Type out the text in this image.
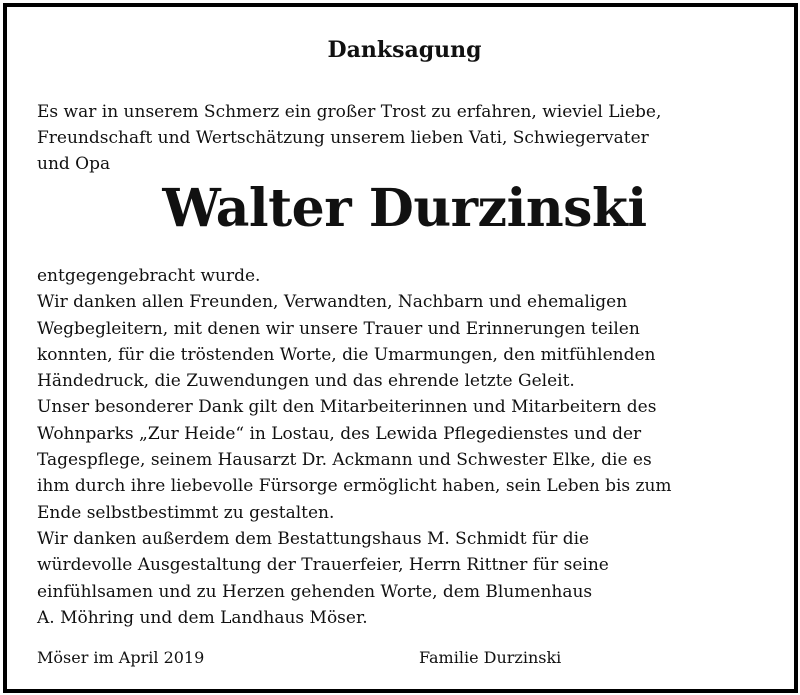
Danksagung
Es war in unserem Schmerz ein großer Trost zu erfahren, wieviel Liebe,
Freundschaft und Wertschätzung unserem lieben Vati, Schwiegervater
und Opa
Walter Durzinski
entgegengebracht wurde.
Wir danken allen Freunden, Verwandten, Nachbarn und ehemaligen
Wegbegleitern, mit denen wir unsere Trauer und Erinnerungen teilen
konnten, für die tröstenden Worte, die Umarmungen, den mitfühlenden
Händedruck, die Zuwendungen und das ehrende letzte Geleit.
Unser besonderer Dank gilt den Mitarbeiterinnen und Mitarbeitern des
Wohnparks „Zur Heide“ in Lostau, des Lewida Pflegedienstes und der
Tagespflege, seinem Hausarzt Dr. Ackmann und Schwester Elke, die es
ihm durch ihre liebevolle Fürsorge ermöglicht haben, sein Leben bis zum
Ende selbstbestimmt zu gestalten.
Wir danken außerdem dem Bestattungshaus M. Schmidt für die
würdevolle Ausgestaltung der Trauerfeier, Herrn Rittner für seine
einfühlsamen und zu Herzen gehenden Worte, dem Blumenhaus
A. Möhring und dem Landhaus Möser.
Möser im April 2019	Familie Durzinski
